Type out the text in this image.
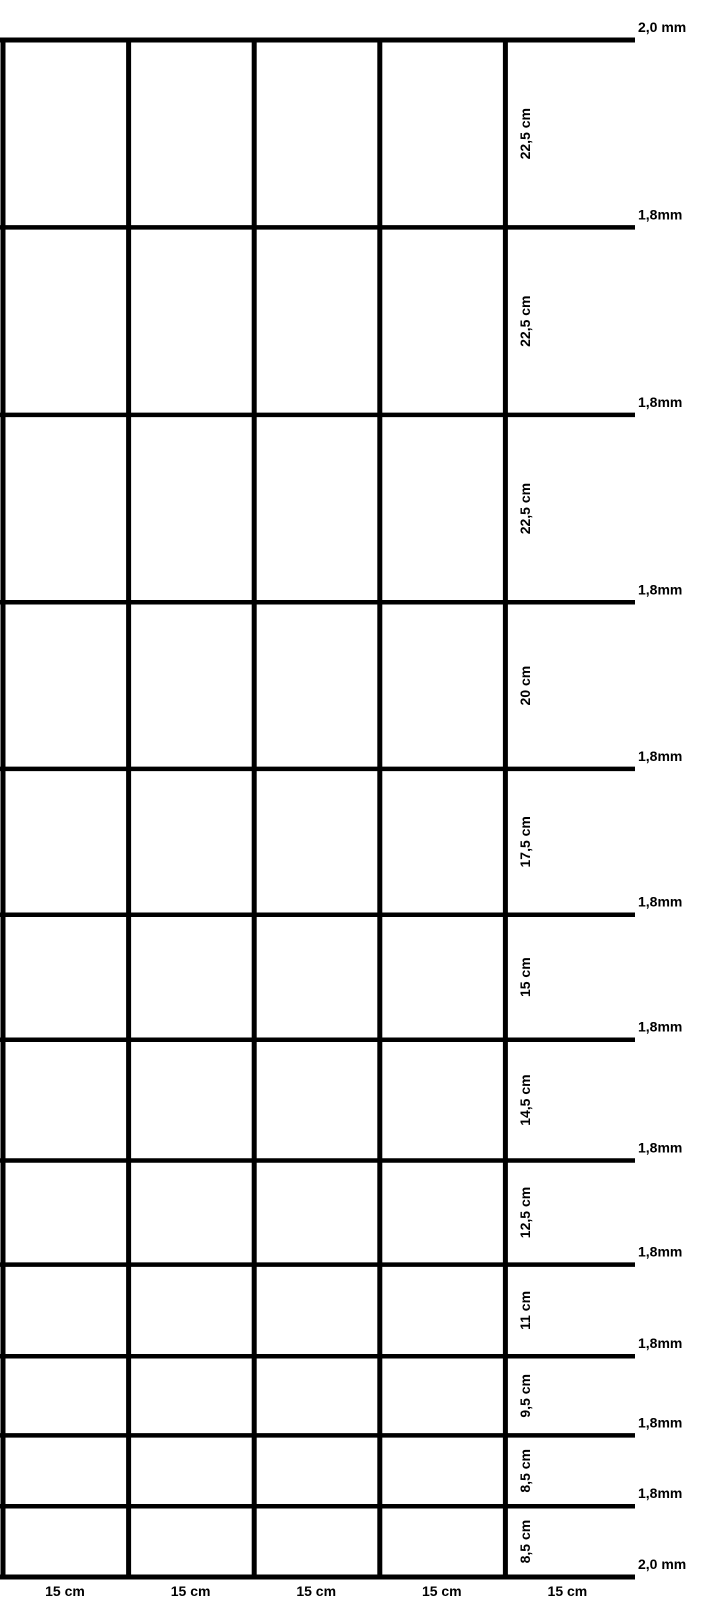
2,0 mm
1,8mm
1,8mm
1,8mm
1,8mm
1,8mm
1,8mm
1,8mm
1,8mm
1,8mm
1,8mm
1,8mm
2,0 mm
22,5 cm
22,5 cm
22,5 cm
20 cm
17,5 cm
15 cm
14,5 cm
12,5 cm
11 cm
9,5 cm
8,5 cm
8,5 cm
15 cm	15 cm	15 cm	15 cm	15 cm
